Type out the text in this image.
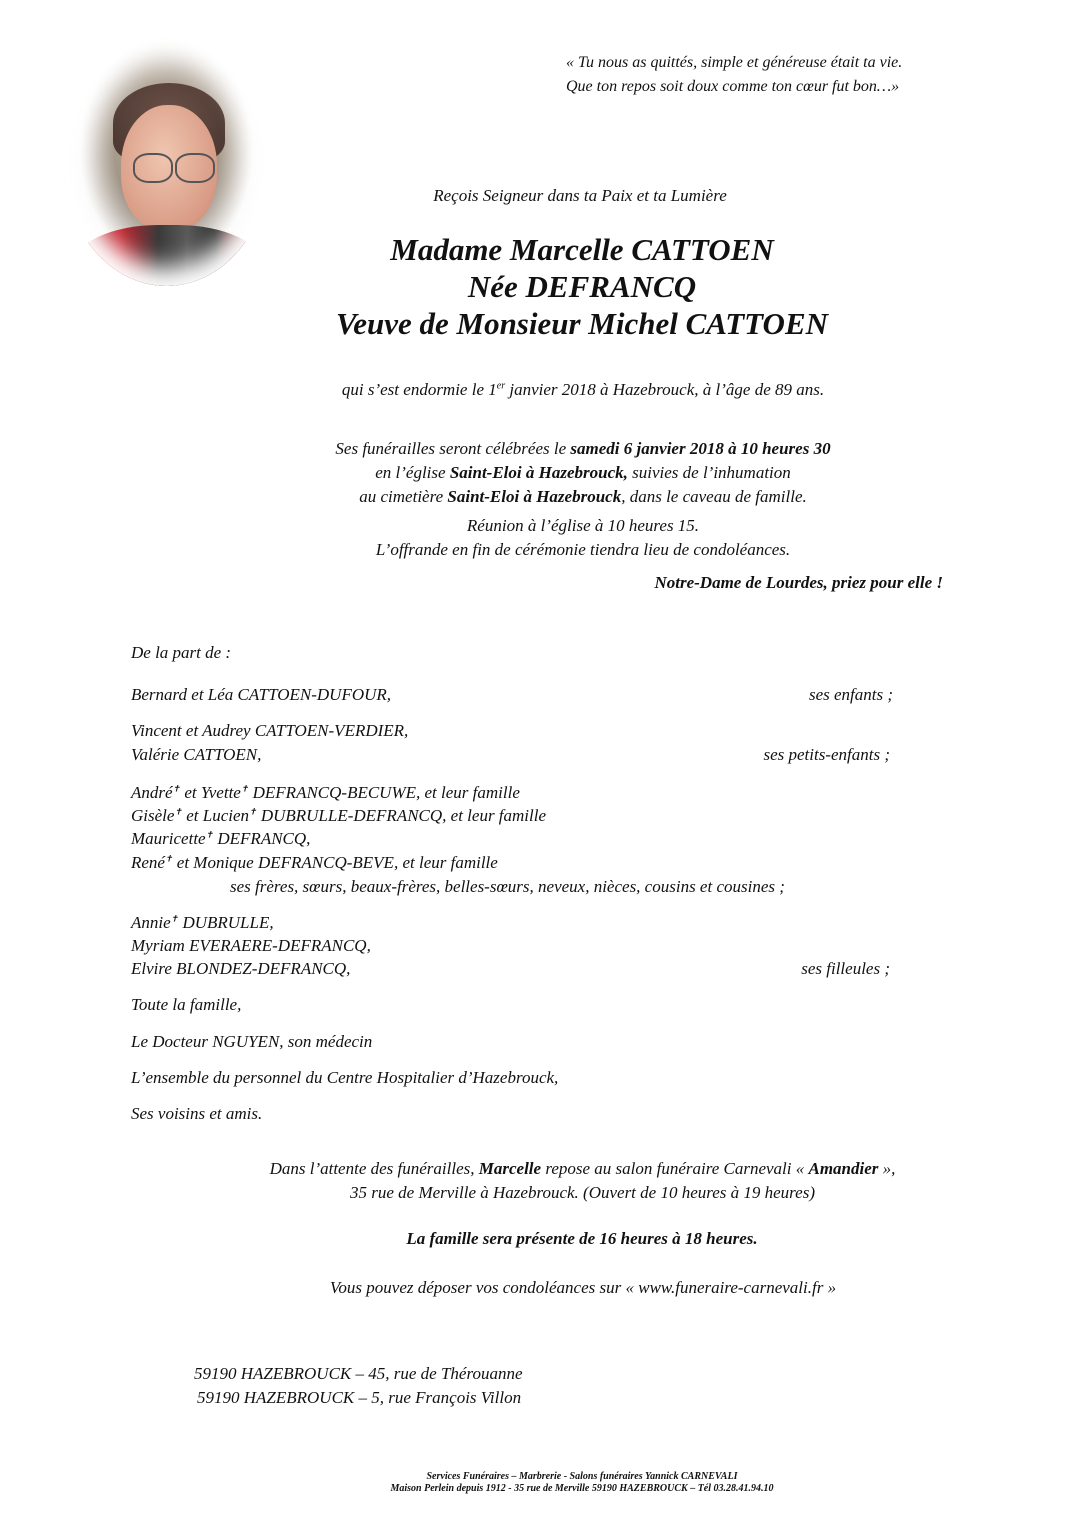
« Tu nous as quittés, simple et généreuse était ta vie.
Que ton repos soit doux comme ton cœur fut bon…»
Reçois Seigneur dans ta Paix et ta Lumière
Madame Marcelle CATTOEN
Née DEFRANCQ
Veuve de Monsieur Michel CATTOEN
qui s’est endormie le 1er janvier 2018 à Hazebrouck, à l’âge de 89 ans.
Ses funérailles seront célébrées le samedi 6 janvier 2018 à 10 heures 30
en l’église Saint-Eloi à Hazebrouck, suivies de l’inhumation
au cimetière Saint-Eloi à Hazebrouck, dans le caveau de famille.
Réunion à l’église à 10 heures 15.
L’offrande en fin de cérémonie tiendra lieu de condoléances.
Notre-Dame de Lourdes, priez pour elle !
De la part de :
Bernard et Léa CATTOEN-DUFOUR,	ses enfants ;
Vincent et Audrey CATTOEN-VERDIER,
Valérie CATTOEN,	ses petits-enfants ;
André✝ et Yvette✝ DEFRANCQ-BECUWE, et leur famille
Gisèle✝ et Lucien✝ DUBRULLE-DEFRANCQ, et leur famille
Mauricette✝ DEFRANCQ,
René✝ et Monique DEFRANCQ-BEVE, et leur famille
ses frères, sœurs, beaux-frères, belles-sœurs, neveux, nièces, cousins et cousines ;
Annie✝ DUBRULLE,
Myriam EVERAERE-DEFRANCQ,
Elvire BLONDEZ-DEFRANCQ,	ses filleules ;
Toute la famille,
Le Docteur NGUYEN, son médecin
L’ensemble du personnel du Centre Hospitalier d’Hazebrouck,
Ses voisins et amis.
Dans l’attente des funérailles, Marcelle repose au salon funéraire Carnevali « Amandier »,
35 rue de Merville à Hazebrouck. (Ouvert de 10 heures à 19 heures)
La famille sera présente de 16 heures à 18 heures.
Vous pouvez déposer vos condoléances sur « www.funeraire-carnevali.fr »
59190 HAZEBROUCK – 45, rue de Thérouanne
59190 HAZEBROUCK – 5, rue François Villon
Services Funéraires – Marbrerie - Salons funéraires Yannick CARNEVALI
Maison Perlein depuis 1912 - 35 rue de Merville 59190 HAZEBROUCK – Tél 03.28.41.94.10
